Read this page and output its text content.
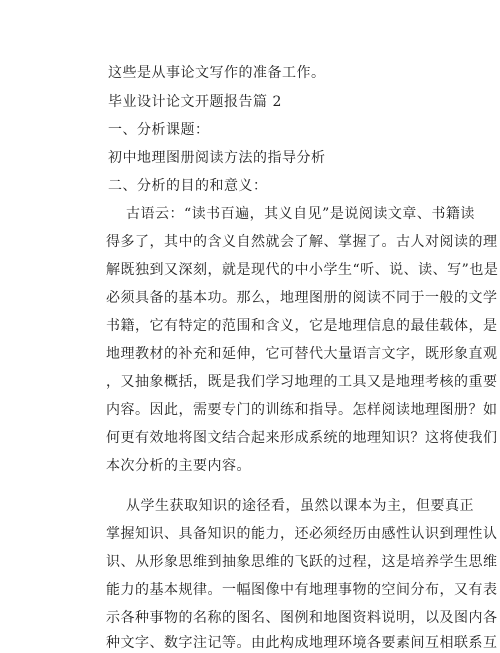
这些是从事论文写作的准备工作。
毕业设计论文开题报告篇 2
一、分析课题：
初中地理图册阅读方法的指导分析
二、分析的目的和意义：
古语云：“读书百遍，其义自见”是说阅读文章、书籍读
得多了，其中的含义自然就会了解、掌握了。古人对阅读的理
解既独到又深刻，就是现代的中小学生“听、说、读、写”也是
必须具备的基本功。那么，地理图册的阅读不同于一般的文学
书籍，它有特定的范围和含义，它是地理信息的最佳载体，是
地理教材的补充和延伸，它可替代大量语言文字，既形象直观
，又抽象概括，既是我们学习地理的工具又是地理考核的重要
内容。因此，需要专门的训练和指导。怎样阅读地理图册？如
何更有效地将图文结合起来形成系统的地理知识？这将使我们
本次分析的主要内容。
从学生获取知识的途径看，虽然以课本为主，但要真正
掌握知识、具备知识的能力，还必须经历由感性认识到理性认
识、从形象思维到抽象思维的飞跃的过程，这是培养学生思维
能力的基本规律。一幅图像中有地理事物的空间分布，又有表
示各种事物的名称的图名、图例和地图资料说明，以及图内各
种文字、数字注记等。由此构成地理环境各要素间互相联系互
